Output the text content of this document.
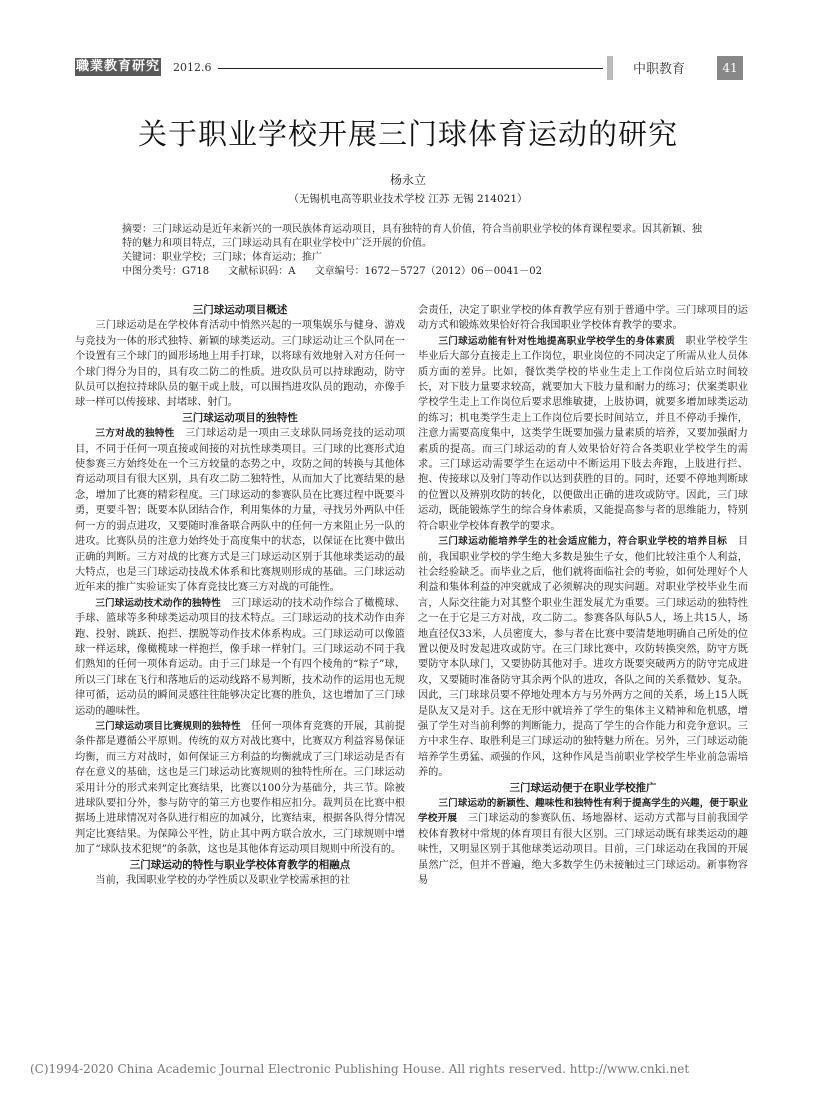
職業教育研究 2012.6	中职教育	41
关于职业学校开展三门球体育运动的研究
杨永立
（无锡机电高等职业技术学校 江苏 无锡 214021）

摘要：三门球运动是近年来新兴的一项民族体育运动项目，具有独特的育人价值，符合当前职业学校的体育课程要求。因其新颖、独特的魅力和项目特点，三门球运动具有在职业学校中广泛开展的价值。

关键词：职业学校；三门球；体育运动；推广

中图分类号：G718 文献标识码：A 文章编号：1672－5727（2012）06－0041－02

三门球运动项目概述

三门球运动是在学校体育活动中悄然兴起的一项集娱乐与健身、游戏与竞技为一体的形式独特、新颖的球类运动。三门球运动让三个队同在一个设置有三个球门的圆形场地上用手打球，以将球有效地射入对方任何一个球门得分为目的，具有攻二防二的性质。进攻队员可以持球跑动，防守队员可以抱拉持球队员的躯干或上肢，可以围挡进攻队员的跑动，亦像手球一样可以传接球、封堵球、射门。

三门球运动项目的独特性

三方对战的独特性　 三门球运动是一项由三支球队同场竞技的运动项目，不同于任何一项直接或间接的对抗性球类项目。三门球的比赛形式迫使参赛三方始终处在一个三方较量的态势之中，攻防之间的转换与其他体育运动项目有很大区别，具有攻二防二独特性，从而加大了比赛结果的悬念，增加了比赛的精彩程度。三门球运动的参赛队员在比赛过程中既要斗勇，更要斗智；既要本队团结合作，利用集体的力量，寻找另外两队中任何一方的弱点进攻，又要随时准备联合两队中的任何一方来阻止另一队的进攻。比赛队员的注意力始终处于高度集中的状态，以保证在比赛中做出正确的判断。三方对战的比赛方式是三门球运动区别于其他球类运动的最大特点，也是三门球运动技战术体系和比赛规则形成的基础。三门球运动近年来的推广实验证实了体育竞技比赛三方对战的可能性。

三门球运动技术动作的独特性　 三门球运动的技术动作综合了橄榄球、手球、篮球等多种球类运动项目的技术特点。三门球运动的技术动作由奔跑、投射、跳跃、抱拦、摆脱等动作技术体系构成。三门球运动可以像篮球一样运球，像橄榄球一样抱拦，像手球一样射门。三门球运动不同于我们熟知的任何一项体育运动。由于三门球是一个有四个棱角的“粽子”球，所以三门球在飞行和落地后的运动线路不易判断，技术动作的运用也无规律可循，运动员的瞬间灵感往往能够决定比赛的胜负，这也增加了三门球运动的趣味性。

三门球运动项目比赛规则的独特性　 任何一项体育竞赛的开展，其前提条件都是遵循公平原则。传统的双方对战比赛中，比赛双方利益容易保证均衡，而三方对战时，如何保证三方利益的均衡就成了三门球运动是否有存在意义的基础，这也是三门球运动比赛规则的独特性所在。三门球运动采用计分的形式来判定比赛结果，比赛以100分为基础分，共三节。除被进球队要扣分外，参与防守的第三方也要作相应扣分。裁判员在比赛中根据场上进球情况对各队进行相应的加减分，比赛结束，根据各队得分情况判定比赛结果。为保障公平性，防止其中两方联合放水，三门球规则中增加了“球队技术犯规”的条款，这也是其他体育运动项目规则中所没有的。

三门球运动的特性与职业学校体育教学的相融点

当前，我国职业学校的办学性质以及职业学校需承担的社

会责任，决定了职业学校的体育教学应有别于普通中学。三门球项目的运动方式和锻炼效果恰好符合我国职业学校体育教学的要求。

三门球运动能有针对性地提高职业学校学生的身体素质　 职业学校学生毕业后大部分直接走上工作岗位，职业岗位的不同决定了所需从业人员体质方面的差异。比如，餐饮类学校的毕业生走上工作岗位后站立时间较长，对下肢力量要求较高，就要加大下肢力量和耐力的练习；伏案类职业学校学生走上工作岗位后要求思维敏捷，上肢协调，就要多增加球类运动的练习；机电类学生走上工作岗位后要长时间站立，并且不停动手操作，注意力需要高度集中，这类学生既要加强力量素质的培养，又要加强耐力素质的提高。而三门球运动的育人效果恰好符合各类职业学校学生的需求。三门球运动需要学生在运动中不断运用下肢去奔跑，上肢进行拦、抱、传接球以及射门等动作以达到获胜的目的。同时，还要不停地判断球的位置以及辨别攻防的转化，以便做出正确的进攻或防守。因此，三门球运动，既能锻炼学生的综合身体素质，又能提高参与者的思维能力，特别符合职业学校体育教学的要求。

三门球运动能培养学生的社会适应能力，符合职业学校的培养目标　 目前，我国职业学校的学生绝大多数是独生子女，他们比较注重个人利益，社会经验缺乏。而毕业之后，他们就将面临社会的考验，如何处理好个人利益和集体利益的冲突就成了必须解决的现实问题。对职业学校毕业生而言，人际交往能力对其整个职业生涯发展尤为重要。三门球运动的独特性之一在于它是三方对战，攻二防二。参赛各队每队5人，场上共15人，场地直径仅33米，人员密度大，参与者在比赛中要清楚地明确自己所处的位置以便及时发起进攻或防守。在三门球比赛中，攻防转换突然，防守方既要防守本队球门，又要协防其他对手。进攻方既要突破两方的防守完成进攻，又要随时准备防守其余两个队的进攻，各队之间的关系微妙、复杂。因此，三门球球员要不停地处理本方与另外两方之间的关系，场上15人既是队友又是对手。这在无形中就培养了学生的集体主义精神和危机感，增强了学生对当前利弊的判断能力，提高了学生的合作能力和竞争意识。三方中求生存、取胜利是三门球运动的独特魅力所在。另外，三门球运动能培养学生勇猛、顽强的作风，这种作风是当前职业学校学生毕业前急需培养的。

三门球运动便于在职业学校推广

三门球运动的新颖性、趣味性和独特性有利于提高学生的兴趣，便于职业学校开展　 三门球运动的参赛队伍、场地器材、运动方式都与目前我国学校体育教材中常规的体育项目有很大区别。三门球运动既有球类运动的趣味性，又明显区别于其他球类运动项目。目前，三门球运动在我国的开展虽然广泛，但并不普遍，绝大多数学生仍未接触过三门球运动。新事物容易

(C)1994-2020 China Academic Journal Electronic Publishing House. All rights reserved. http://www.cnki.net
